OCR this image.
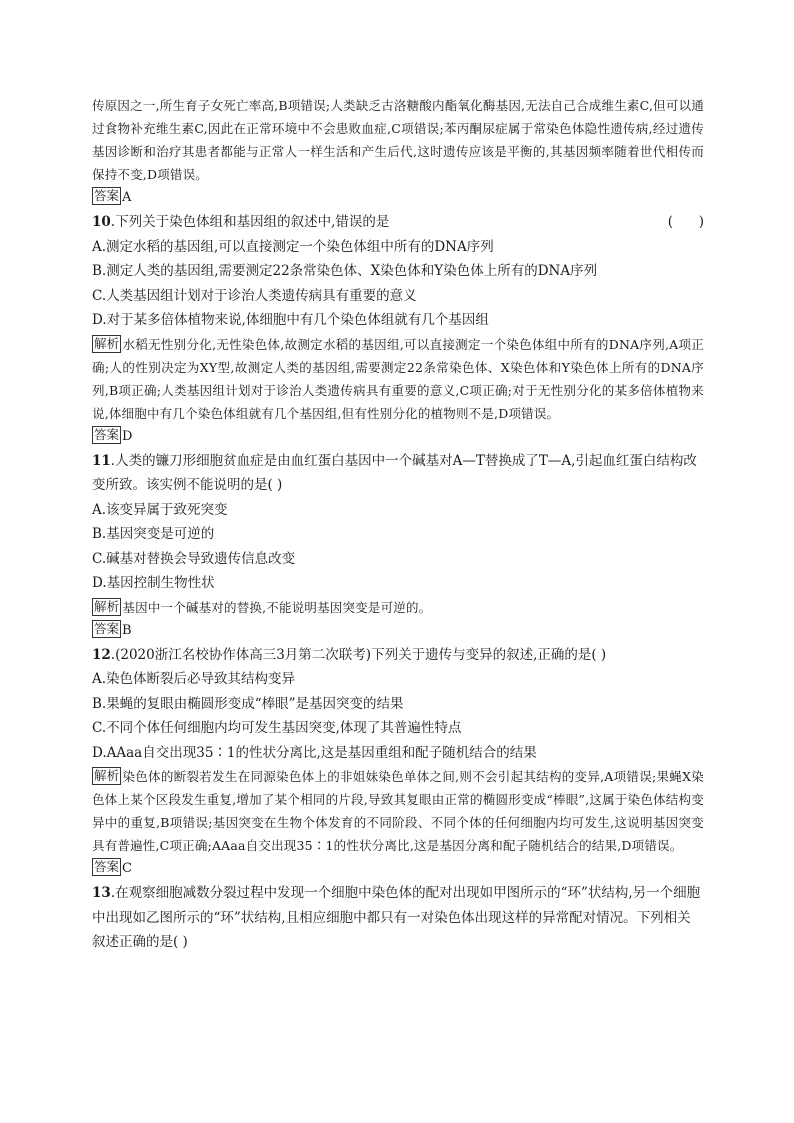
传原因之一,所生育子女死亡率高,B项错误;人类缺乏古洛糖酸内酯氧化酶基因,无法自己合成维生素C,但可以通过食物补充维生素C,因此在正常环境中不会患败血症,C项错误;苯丙酮尿症属于常染色体隐性遗传病,经过遗传基因诊断和治疗其患者都能与正常人一样生活和产生后代,这时遗传应该是平衡的,其基因频率随着世代相传而保持不变,D项错误。
答案 A
10.下列关于染色体组和基因组的叙述中,错误的是	(      )
A.测定水稻的基因组,可以直接测定一个染色体组中所有的DNA序列
B.测定人类的基因组,需要测定22条常染色体、X染色体和Y染色体上所有的DNA序列
C.人类基因组计划对于诊治人类遗传病具有重要的意义
D.对于某多倍体植物来说,体细胞中有几个染色体组就有几个基因组
解析 水稻无性别分化,无性染色体,故测定水稻的基因组,可以直接测定一个染色体组中所有的DNA序列,A项正确;人的性别决定为XY型,故测定人类的基因组,需要测定22条常染色体、X染色体和Y染色体上所有的DNA序列,B项正确;人类基因组计划对于诊治人类遗传病具有重要的意义,C项正确;对于无性别分化的某多倍体植物来说,体细胞中有几个染色体组就有几个基因组,但有性别分化的植物则不是,D项错误。
答案 D
11.人类的镰刀形细胞贫血症是由血红蛋白基因中一个碱基对A—T替换成了T—A,引起血红蛋白结构改变所致。该实例不能说明的是( )
A.该变异属于致死突变
B.基因突变是可逆的
C.碱基对替换会导致遗传信息改变
D.基因控制生物性状
解析 基因中一个碱基对的替换,不能说明基因突变是可逆的。
答案 B
12.(2020浙江名校协作体高三3月第二次联考)下列关于遗传与变异的叙述,正确的是( )
A.染色体断裂后必导致其结构变异
B.果蝇的复眼由椭圆形变成“棒眼”是基因突变的结果
C.不同个体任何细胞内均可发生基因突变,体现了其普遍性特点
D.AAaa自交出现35∶1的性状分离比,这是基因重组和配子随机结合的结果
解析 染色体的断裂若发生在同源染色体上的非姐妹染色单体之间,则不会引起其结构的变异,A项错误;果蝇X染色体上某个区段发生重复,增加了某个相同的片段,导致其复眼由正常的椭圆形变成“棒眼”,这属于染色体结构变异中的重复,B项错误;基因突变在生物个体发育的不同阶段、不同个体的任何细胞内均可发生,这说明基因突变具有普遍性,C项正确;AAaa自交出现35∶1的性状分离比,这是基因分离和配子随机结合的结果,D项错误。
答案 C
13.在观察细胞减数分裂过程中发现一个细胞中染色体的配对出现如甲图所示的“环”状结构,另一个细胞中出现如乙图所示的“环”状结构,且相应细胞中都只有一对染色体出现这样的异常配对情况。下列相关叙述正确的是( )
